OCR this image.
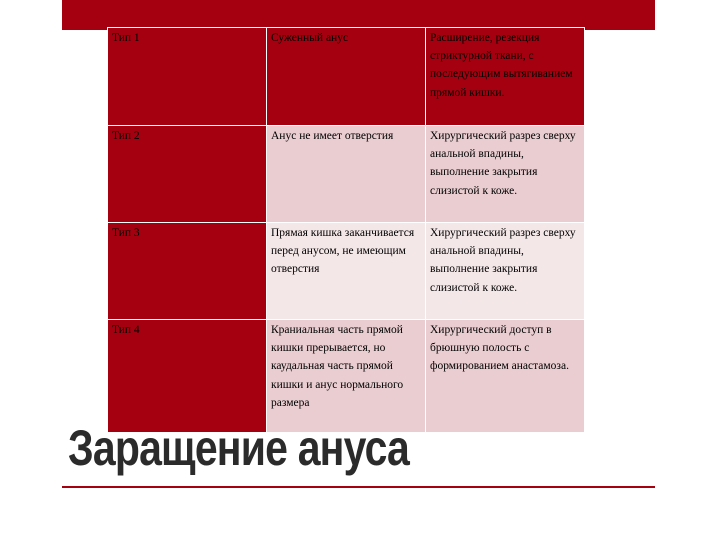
Тип 1	Суженный анус	Расширение, резекция стриктурной ткани, с последующим вытягиванием прямой кишки.
Тип 2	Анус не имеет отверстия	Хирургический разрез сверху анальной впадины, выполнение закрытия слизистой к коже.
Тип 3	Прямая кишка заканчивается перед анусом, не имеющим отверстия	Хирургический разрез сверху анальной впадины, выполнение закрытия слизистой к коже.
Тип 4	Краниальная часть прямой кишки прерывается, но каудальная часть прямой кишки и анус нормального размера	Хирургический доступ в брюшную полость с формированием анастамоза.
Заращение ануса
